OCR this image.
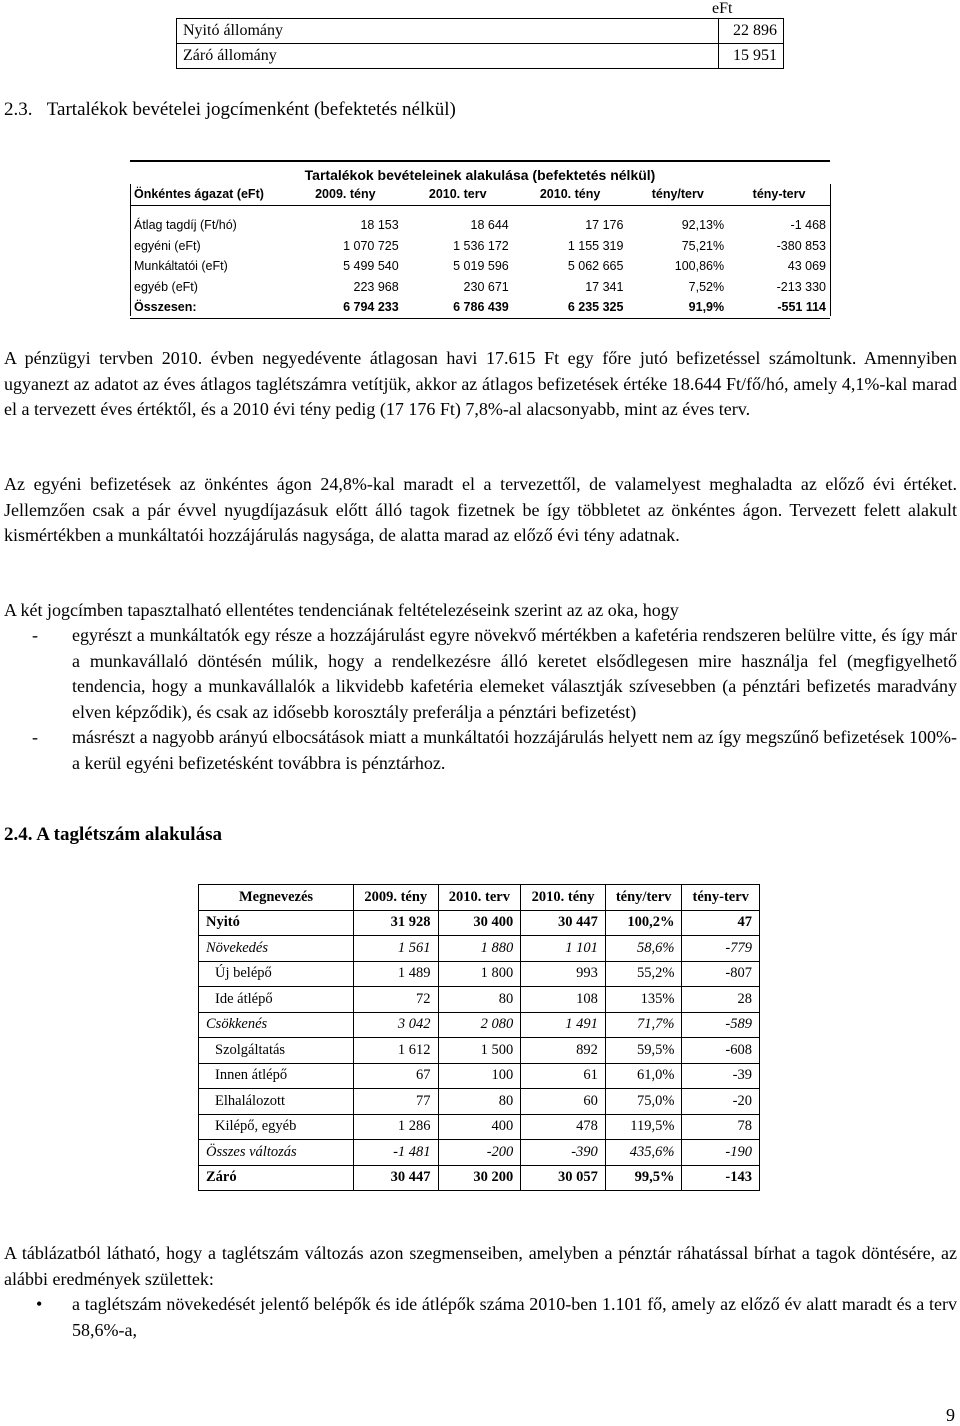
eFt
Nyitó állomány	22 896
Záró állomány	15 951
2.3. Tartalékok bevételei jogcímenként (befektetés nélkül)
Tartalékok bevételeinek alakulása (befektetés nélkül)
Önkéntes ágazat (eFt)	2009. tény	2010. terv	2010. tény	tény/terv	tény-terv

Átlag tagdíj (Ft/hó)	18 153	18 644	17 176	92,13%	-1 468
egyéni (eFt)	1 070 725	1 536 172	1 155 319	75,21%	-380 853
Munkáltatói (eFt)	5 499 540	5 019 596	5 062 665	100,86%	43 069
egyéb (eFt)	223 968	230 671	17 341	7,52%	-213 330
Összesen:	6 794 233	6 786 439	6 235 325	91,9%	-551 114

A pénzügyi tervben 2010. évben negyedévente átlagosan havi 17.615 Ft egy főre jutó befizetéssel számoltunk. Amennyiben ugyanezt az adatot az éves átlagos taglétszámra vetítjük, akkor az átlagos befizetések értéke 18.644 Ft/fő/hó, amely 4,1%-kal marad el a tervezett éves értéktől, és a 2010 évi tény pedig (17 176 Ft) 7,8%-al alacsonyabb, mint az éves terv.

Az egyéni befizetések az önkéntes ágon 24,8%-kal maradt el a tervezettől, de valamelyest meghaladta az előző évi értéket. Jellemzően csak a pár évvel nyugdíjazásuk előtt álló tagok fizetnek be így többletet az önkéntes ágon. Tervezett felett alakult kismértékben a munkáltatói hozzájárulás nagysága, de alatta marad az előző évi tény adatnak.

A két jogcímben tapasztalható ellentétes tendenciának feltételezéseink szerint az az oka, hogy

- egyrészt a munkáltatók egy része a hozzájárulást egyre növekvő mértékben a kafetéria rendszeren belülre vitte, és így már a munkavállaló döntésén múlik, hogy a rendelkezésre álló keretet elsődlegesen mire használja fel (megfigyelhető tendencia, hogy a munkavállalók a likvidebb kafetéria elemeket választják szívesebben (a pénztári befizetés maradvány elven képződik), és csak az idősebb korosztály preferálja a pénztári befizetést)
- másrészt a nagyobb arányú elbocsátások miatt a munkáltatói hozzájárulás helyett nem az így megszűnő befizetések 100%-a kerül egyéni befizetésként továbbra is pénztárhoz.
2.4. A taglétszám alakulása
Megnevezés	2009. tény	2010. terv	2010. tény	tény/terv	tény-terv
Nyitó	31 928	30 400	30 447	100,2%	47
Növekedés	1 561	1 880	1 101	58,6%	-779
Új belépő	1 489	1 800	993	55,2%	-807
Ide átlépő	72	80	108	135%	28
Csökkenés	3 042	2 080	1 491	71,7%	-589
Szolgáltatás	1 612	1 500	892	59,5%	-608
Innen átlépő	67	100	61	61,0%	-39
Elhalálozott	77	80	60	75,0%	-20
Kilépő, egyéb	1 286	400	478	119,5%	78
Összes változás	-1 481	-200	-390	435,6%	-190
Záró	30 447	30 200	30 057	99,5%	-143

A táblázatból látható, hogy a taglétszám változás azon szegmenseiben, amelyben a pénztár ráhatással bírhat a tagok döntésére, az alábbi eredmények születtek:

• a taglétszám növekedését jelentő belépők és ide átlépők száma 2010-ben 1.101 fő, amely az előző év alatt maradt és a terv 58,6%-a,
9
